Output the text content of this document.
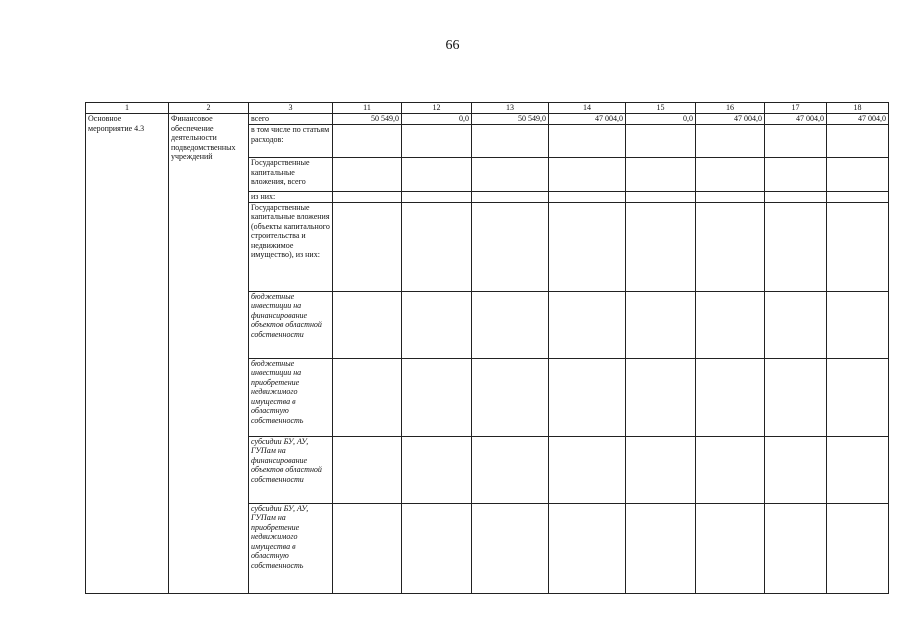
66
1	2	3	11	12	13	14	15	16	17	18
Основное мероприятие 4.3	Финансовое обеспечение деятельности подведомственных учреждений	всего	50 549,0	0,0	50 549,0	47 004,0	0,0	47 004,0	47 004,0	47 004,0
		в том числе по статьям расходов:								
		Государственные капитальные вложения, всего								
		из них:								
		Государственные капитальные вложения (объекты капитального строительства и недвижимое имущество), из них:								
		бюджетные инвестиции на финансирование объектов областной собственности								
		бюджетные инвестиции на приобретение недвижимого имущества в областную собственность								
		субсидии БУ, АУ, ГУПам на финансирование объектов областной собственности								
		субсидии БУ, АУ, ГУПам на приобретение недвижимого имущества в областную собственность								
